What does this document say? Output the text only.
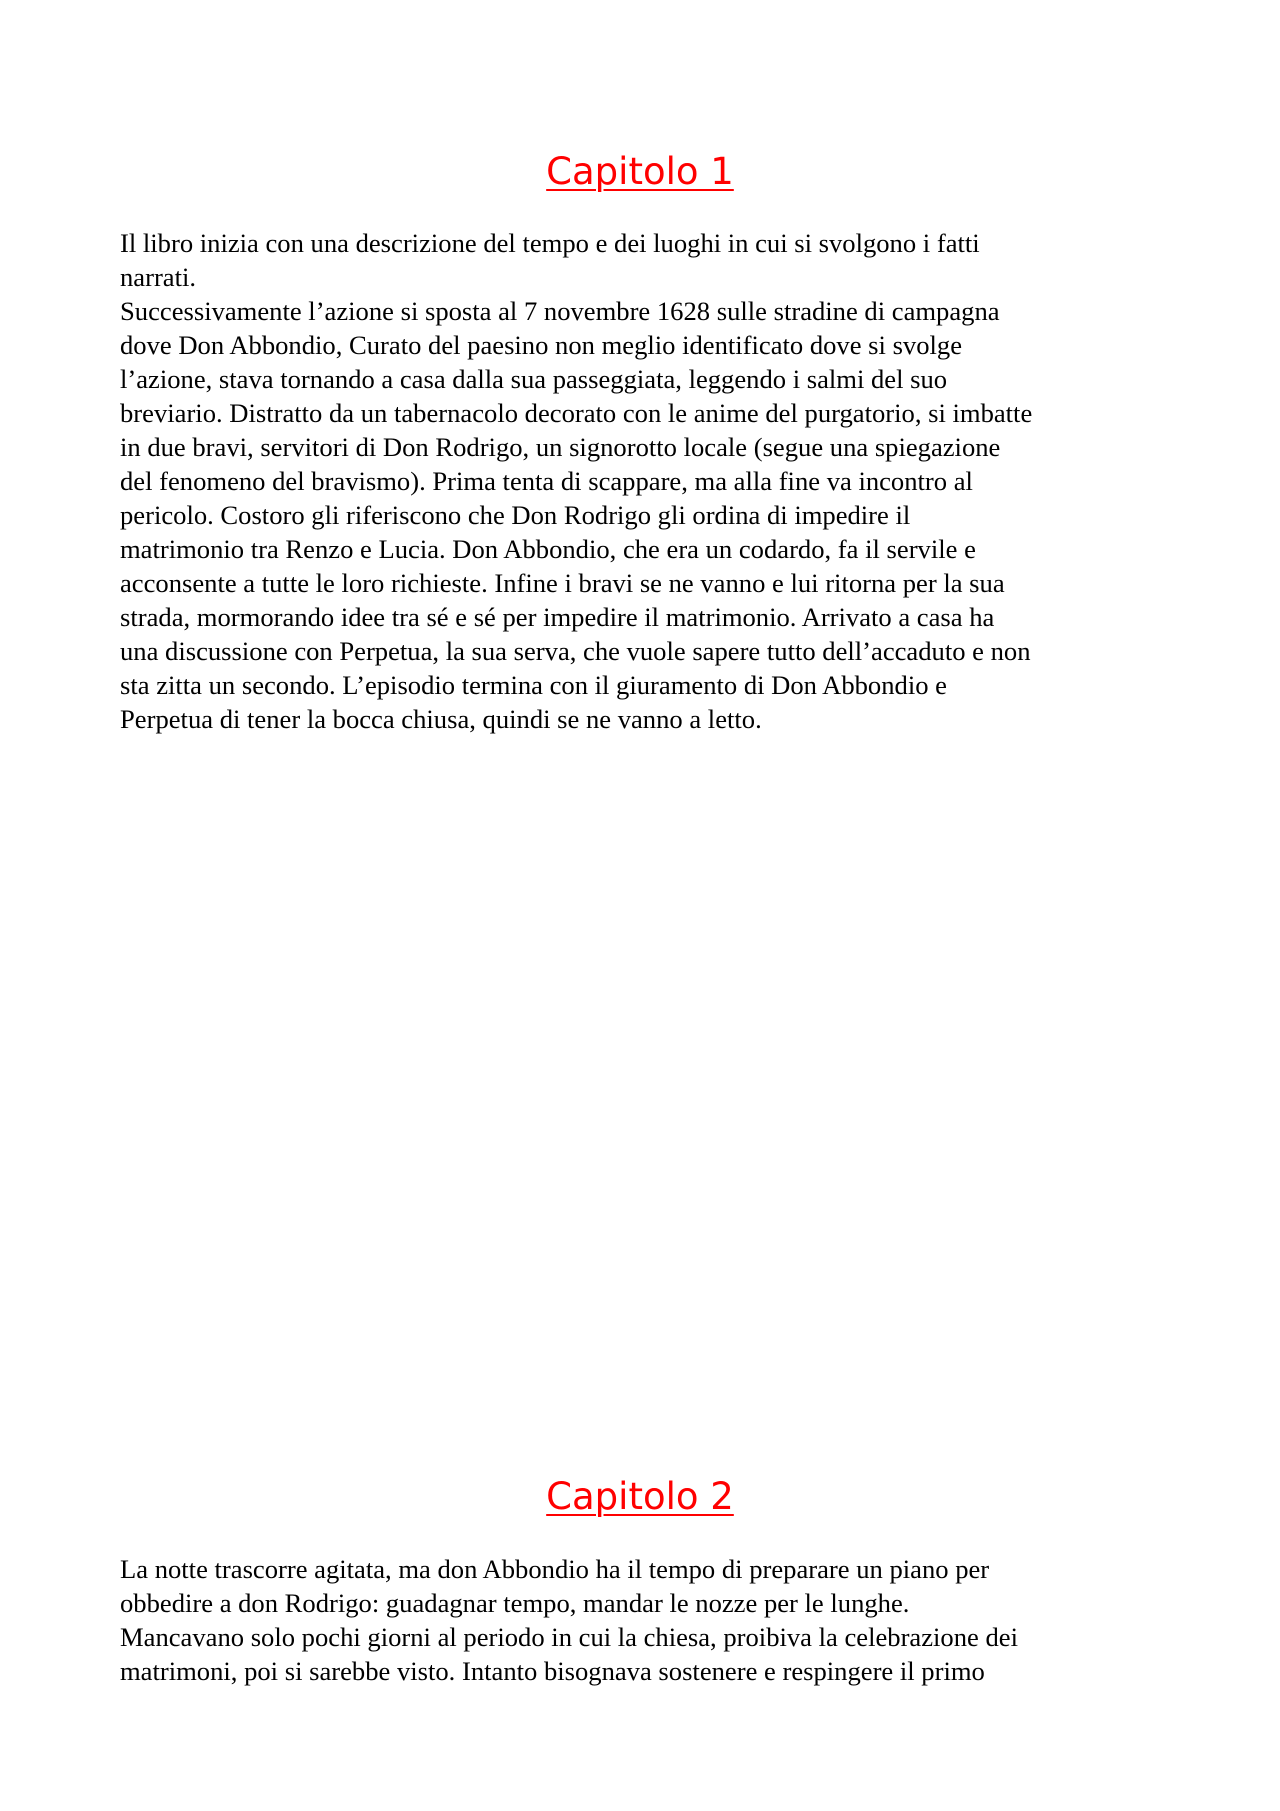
Capitolo 1
Il libro inizia con una descrizione del tempo e dei luoghi in cui si svolgono i fatti
narrati.
Successivamente l’azione si sposta al 7 novembre 1628 sulle stradine di campagna
dove Don Abbondio, Curato del paesino non meglio identificato dove si svolge
l’azione, stava tornando a casa dalla sua passeggiata, leggendo i salmi del suo
breviario. Distratto da un tabernacolo decorato con le anime del purgatorio, si imbatte
in due bravi, servitori di Don Rodrigo, un signorotto locale (segue una spiegazione
del fenomeno del bravismo). Prima tenta di scappare, ma alla fine va incontro al
pericolo. Costoro gli riferiscono che Don Rodrigo gli ordina di impedire il
matrimonio tra Renzo e Lucia. Don Abbondio, che era un codardo, fa il servile e
acconsente a tutte le loro richieste. Infine i bravi se ne vanno e lui ritorna per la sua
strada, mormorando idee tra sé e sé per impedire il matrimonio. Arrivato a casa ha
una discussione con Perpetua, la sua serva, che vuole sapere tutto dell’accaduto e non
sta zitta un secondo. L’episodio termina con il giuramento di Don Abbondio e
Perpetua di tener la bocca chiusa, quindi se ne vanno a letto.
Capitolo 2
La notte trascorre agitata, ma don Abbondio ha il tempo di preparare un piano per
obbedire a don Rodrigo: guadagnar tempo, mandar le nozze per le lunghe.
Mancavano solo pochi giorni al periodo in cui la chiesa, proibiva la celebrazione dei
matrimoni, poi si sarebbe visto. Intanto bisognava sostenere e respingere il primo
